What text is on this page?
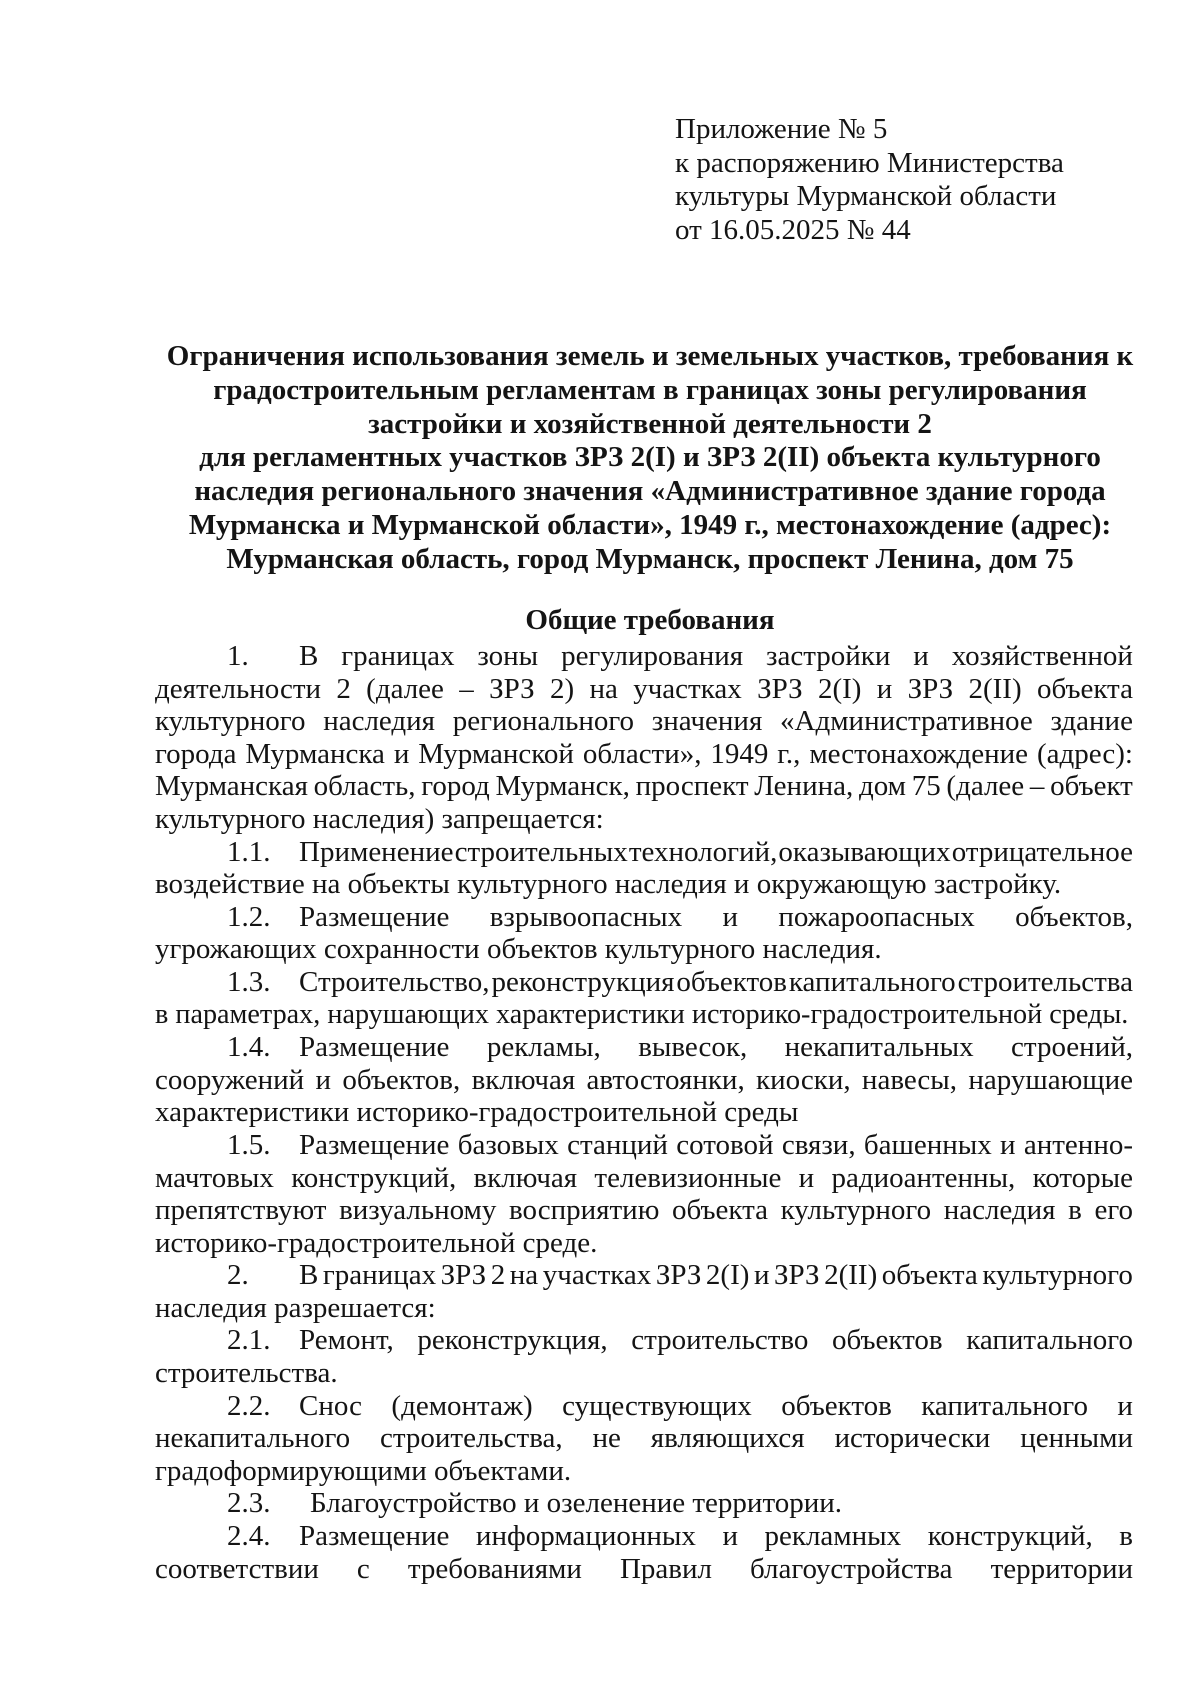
Приложение № 5
к распоряжению Министерства
культуры Мурманской области
от 16.05.2025 № 44
Ограничения использования земель и земельных участков, требования к
градостроительным регламентам в границах зоны регулирования
застройки и хозяйственной деятельности 2
для регламентных участков ЗРЗ 2(I) и ЗРЗ 2(II) объекта культурного
наследия регионального значения «Административное здание города
Мурманска и Мурманской области», 1949 г., местонахождение (адрес):
Мурманская область, город Мурманск, проспект Ленина, дом 75
Общие требования
1.	В границах зоны регулирования застройки и хозяйственной
деятельности 2 (далее – ЗРЗ 2) на участках ЗРЗ 2(I) и ЗРЗ 2(II) объекта
культурного наследия регионального значения «Административное здание
города Мурманска и Мурманской области», 1949 г., местонахождение (адрес):
Мурманская область, город Мурманск, проспект Ленина, дом 75 (далее – объект
культурного наследия) запрещается:
1.1. Применение строительных технологий, оказывающих отрицательное
воздействие на объекты культурного наследия и окружающую застройку.
1.2. Размещение взрывоопасных и пожароопасных объектов,
угрожающих сохранности объектов культурного наследия.
1.3. Строительство, реконструкция объектов капитального строительства
в параметрах, нарушающих характеристики историко-градостроительной среды.
1.4. Размещение рекламы, вывесок, некапитальных строений,
сооружений и объектов, включая автостоянки, киоски, навесы, нарушающие
характеристики историко-градостроительной среды
1.5. Размещение базовых станций сотовой связи, башенных и антенно-
мачтовых конструкций, включая телевизионные и радиоантенны, которые
препятствуют визуальному восприятию объекта культурного наследия в его
историко-градостроительной среде.
2.	В границах ЗРЗ 2 на участках ЗРЗ 2(I) и ЗРЗ 2(II) объекта культурного
наследия разрешается:
2.1. Ремонт, реконструкция, строительство объектов капитального
строительства.
2.2. Снос (демонтаж) существующих объектов капитального и
некапитального строительства, не являющихся исторически ценными
градоформирующими объектами.
2.3.	Благоустройство и озеленение территории.
2.4. Размещение информационных и рекламных конструкций, в
соответствии с требованиями Правил благоустройства территории
